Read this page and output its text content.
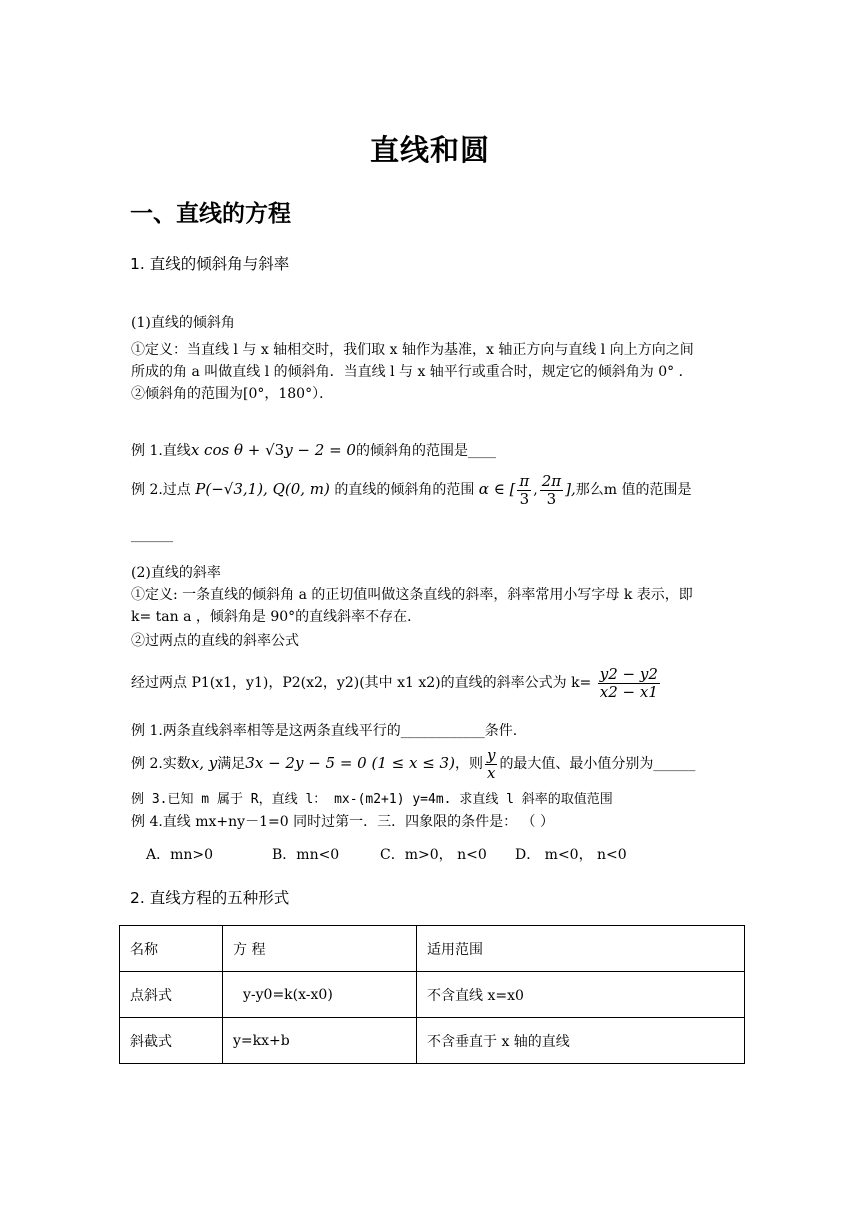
直线和圆
一、直线的方程
1. 直线的倾斜角与斜率
(1)直线的倾斜角
①定义：当直线 l 与 x 轴相交时，我们取 x 轴作为基准，x 轴正方向与直线 l 向上方向之间
所成的角 a 叫做直线 l 的倾斜角．当直线 l 与 x 轴平行或重合时，规定它的倾斜角为 0° ．
②倾斜角的范围为[0°，180°）．
例 1.直线x cos θ + √3y − 2 = 0的倾斜角的范围是____
例 2.过点 P(−√3,1), Q(0, m) 的直线的倾斜角的范围 α ∈ [ $\frac{\pi}{3}$ , $\frac{2\pi}{3}$ ],那么m 值的范围是
______
(2)直线的斜率
①定义: 一条直线的倾斜角 a 的正切值叫做这条直线的斜率，斜率常用小写字母 k 表示，即
k= tan a ，倾斜角是 90°的直线斜率不存在．
②过两点的直线的斜率公式
经过两点 P1(x1，y1)，P2(x2，y2)(其中 x1 x2)的直线的斜率公式为 $k= \frac{y2 - y2}{x2 - x1}$
例 1.两条直线斜率相等是这两条直线平行的____________条件.
例 2.实数x, y满足3x − 2y − 5 = 0 (1 ≤ x ≤ 3)，则 $\frac{y}{x}$ 的最大值、最小值分别为______
例 3.已知 m 属于 R，直线 l： mx-(m2+1) y=4m. 求直线 l 斜率的取值范围
例 4.直线 mx+ny－1=0 同时过第一．三．四象限的条件是： （ ）
A．mn>0	B．mn<0	C．m>0， n<0 D． m<0， n<0
2. 直线方程的五种形式
名称	方 程	适用范围
点斜式	y-y0=k(x-x0)	不含直线 x=x0
斜截式	y=kx+b	不含垂直于 x 轴的直线
